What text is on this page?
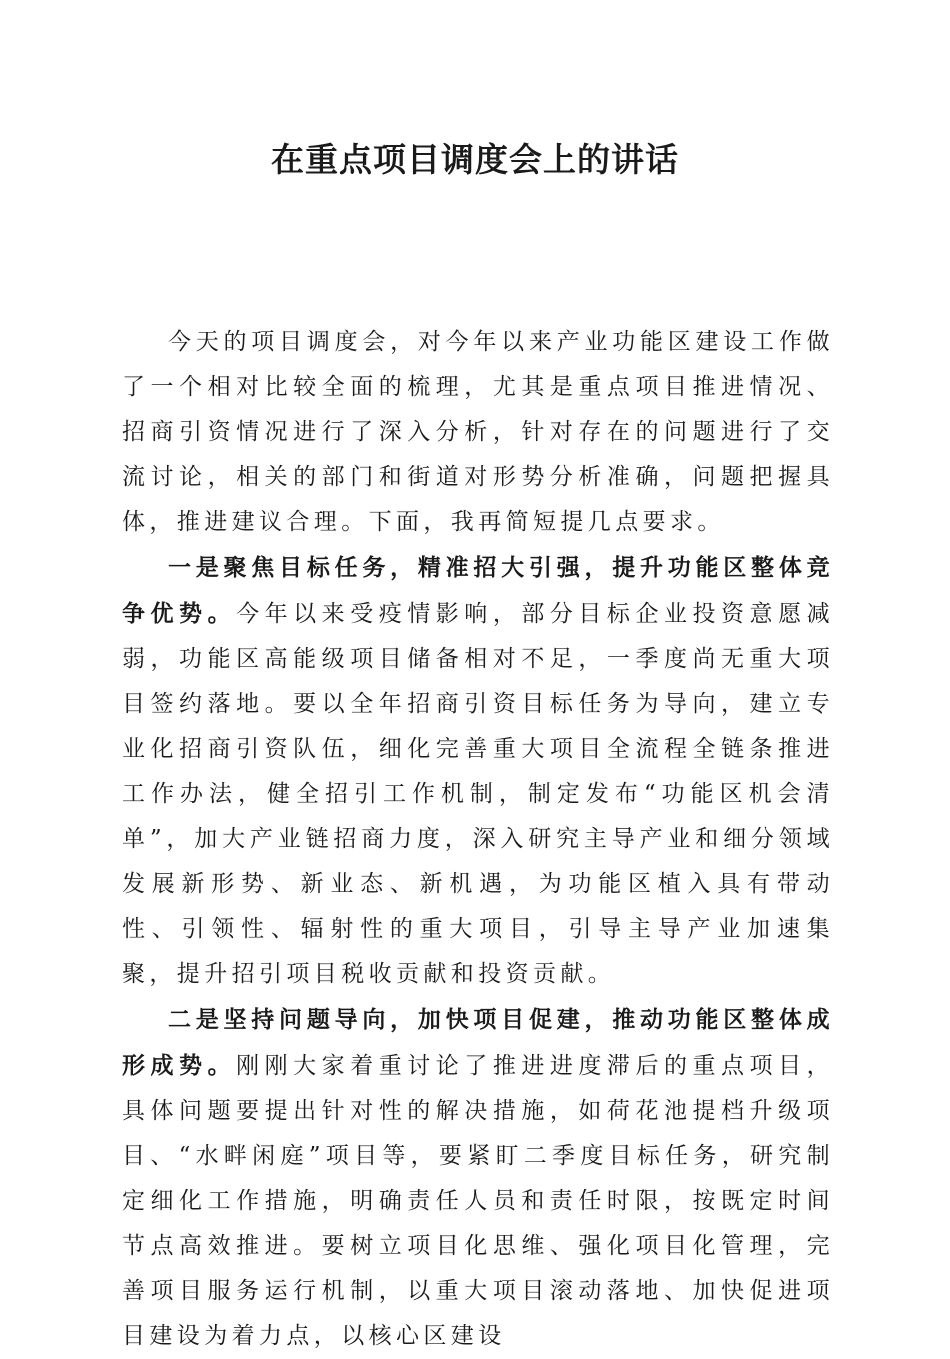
在重点项目调度会上的讲话

今天的项目调度会，对今年以来产业功能区建设工作做了一个相对比较全面的梳理，尤其是重点项目推进情况、招商引资情况进行了深入分析，针对存在的问题进行了交流讨论，相关的部门和街道对形势分析准确，问题把握具体，推进建议合理。下面，我再简短提几点要求。

一是聚焦目标任务，精准招大引强，提升功能区整体竞争优势。今年以来受疫情影响，部分目标企业投资意愿减弱，功能区高能级项目储备相对不足，一季度尚无重大项目签约落地。要以全年招商引资目标任务为导向，建立专业化招商引资队伍，细化完善重大项目全流程全链条推进工作办法，健全招引工作机制，制定发布“功能区机会清单”，加大产业链招商力度，深入研究主导产业和细分领域发展新形势、新业态、新机遇，为功能区植入具有带动性、引领性、辐射性的重大项目，引导主导产业加速集聚，提升招引项目税收贡献和投资贡献。

二是坚持问题导向，加快项目促建，推动功能区整体成形成势。刚刚大家着重讨论了推进进度滞后的重点项目，具体问题要提出针对性的解决措施，如荷花池提档升级项目、“水畔闲庭”项目等，要紧盯二季度目标任务，研究制定细化工作措施，明确责任人员和责任时限，按既定时间节点高效推进。要树立项目化思维、强化项目化管理，完善项目服务运行机制，以重大项目滚动落地、加快促进项目建设为着力点，以核心区建设
